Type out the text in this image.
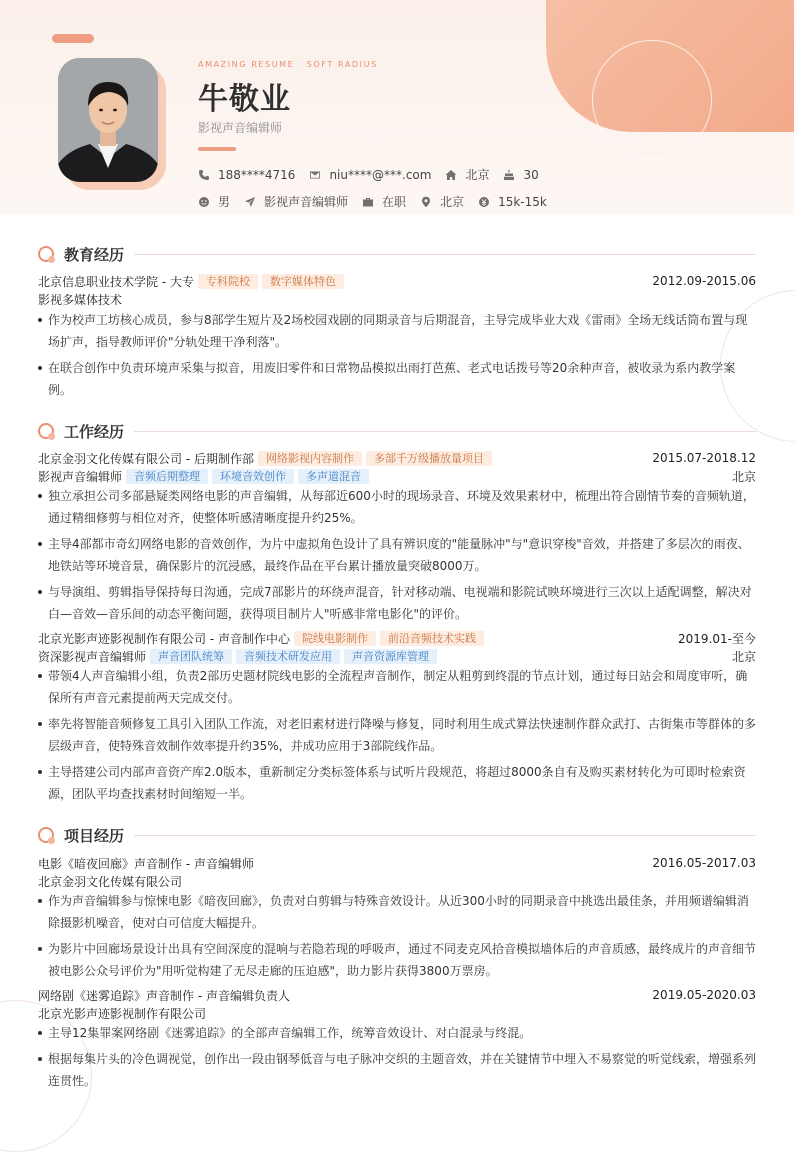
AMAZING RESUME · SOFT RADIUS
牛敬业
影视声音编辑师
188****4716	niu****@***.com	北京	30
男	影视声音编辑师	在职	北京	15k-15k
教育经历
北京信息职业技术学院 - 大专	专科院校	数字媒体特色	2012.09-2015.06
影视多媒体技术
作为校声工坊核心成员，参与8部学生短片及2场校园戏剧的同期录音与后期混音，主导完成毕业大戏《雷雨》全场无线话筒布置与现场扩声，指导教师评价"分轨处理干净利落"。
在联合创作中负责环境声采集与拟音，用废旧零件和日常物品模拟出雨打芭蕉、老式电话拨号等20余种声音，被收录为系内教学案例。
工作经历
北京金羽文化传媒有限公司 - 后期制作部	网络影视内容制作	多部千万级播放量项目	2015.07-2018.12
影视声音编辑师	音频后期整理	环境音效创作	多声道混音	北京
独立承担公司多部悬疑类网络电影的声音编辑，从每部近600小时的现场录音、环境及效果素材中，梳理出符合剧情节奏的音频轨道，通过精细修剪与相位对齐，使整体听感清晰度提升约25%。
主导4部都市奇幻网络电影的音效创作，为片中虚拟角色设计了具有辨识度的"能量脉冲"与"意识穿梭"音效，并搭建了多层次的雨夜、地铁站等环境音景，确保影片的沉浸感，最终作品在平台累计播放量突破8000万。
与导演组、剪辑指导保持每日沟通，完成7部影片的环绕声混音，针对移动端、电视端和影院试映环境进行三次以上适配调整，解决对白—音效—音乐间的动态平衡问题，获得项目制片人"听感非常电影化"的评价。
北京光影声迹影视制作有限公司 - 声音制作中心	院线电影制作	前沿音频技术实践	2019.01-至今
资深影视声音编辑师	声音团队统筹	音频技术研发应用	声音资源库管理	北京
带领4人声音编辑小组，负责2部历史题材院线电影的全流程声音制作，制定从粗剪到终混的节点计划，通过每日站会和周度审听，确保所有声音元素提前两天完成交付。
率先将智能音频修复工具引入团队工作流，对老旧素材进行降噪与修复，同时利用生成式算法快速制作群众武打、古街集市等群体的多层级声音，使特殊音效制作效率提升约35%，并成功应用于3部院线作品。
主导搭建公司内部声音资产库2.0版本，重新制定分类标签体系与试听片段规范，将超过8000条自有及购买素材转化为可即时检索资源，团队平均查找素材时间缩短一半。
项目经历
电影《暗夜回廊》声音制作 - 声音编辑师	2016.05-2017.03
北京金羽文化传媒有限公司
作为声音编辑参与惊悚电影《暗夜回廊》，负责对白剪辑与特殊音效设计。从近300小时的同期录音中挑选出最佳条，并用频谱编辑消除摄影机噪音，使对白可信度大幅提升。
为影片中回廊场景设计出具有空间深度的混响与若隐若现的呼吸声，通过不同麦克风拾音模拟墙体后的声音质感，最终成片的声音细节被电影公众号评价为"用听觉构建了无尽走廊的压迫感"，助力影片获得3800万票房。
网络剧《迷雾追踪》声音制作 - 声音编辑负责人	2019.05-2020.03
北京光影声迹影视制作有限公司
主导12集罪案网络剧《迷雾追踪》的全部声音编辑工作，统筹音效设计、对白混录与终混。
根据每集片头的冷色调视觉，创作出一段由钢琴低音与电子脉冲交织的主题音效，并在关键情节中埋入不易察觉的听觉线索，增强系列连贯性。
